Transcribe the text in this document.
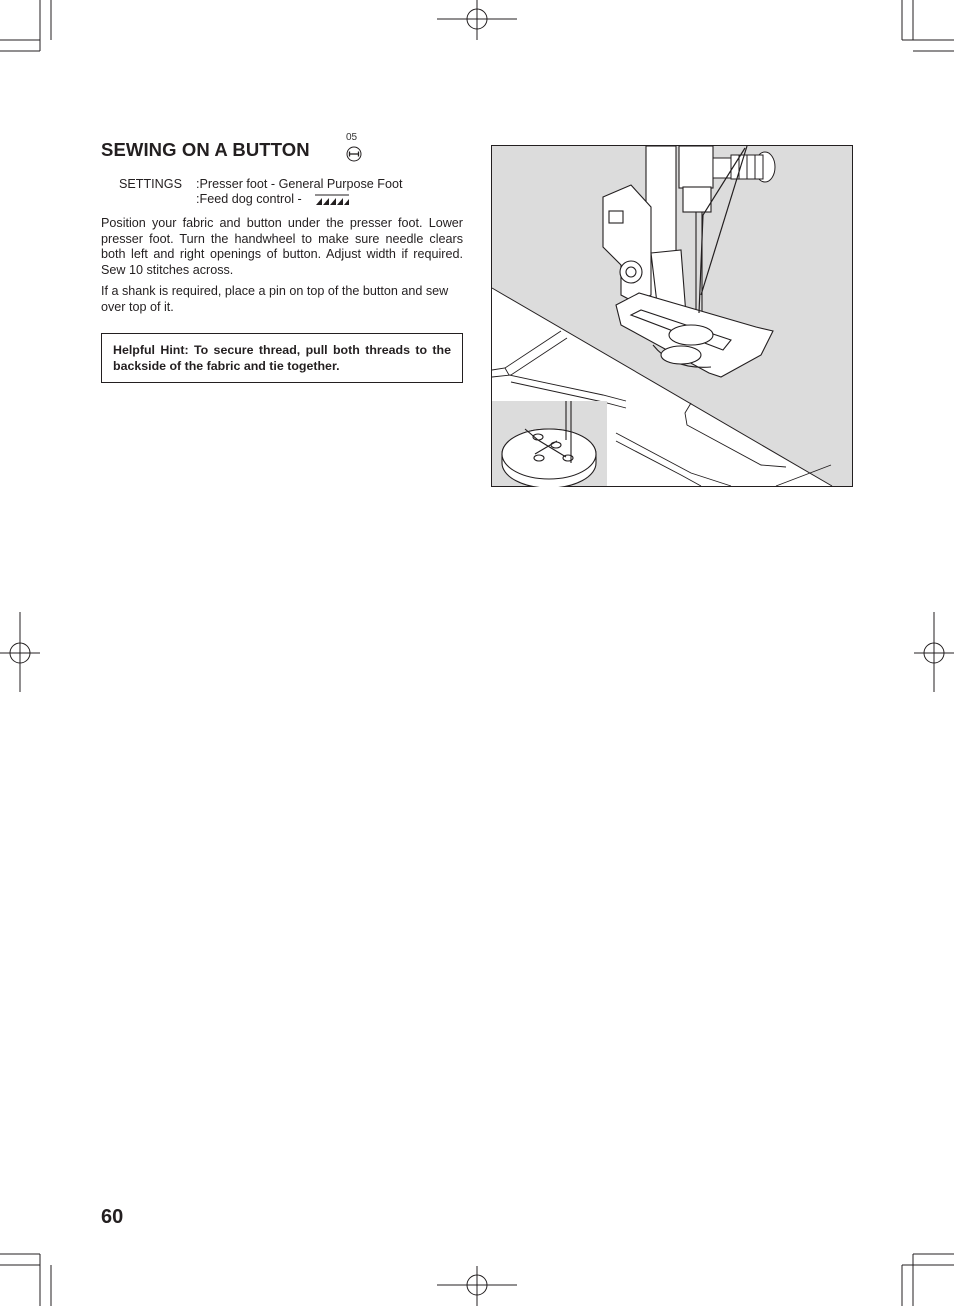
SEWING ON A BUTTON
05
SETTINGS :Presser foot - General Purpose Foot
:Feed dog control -

Position your fabric and button under the presser foot. Lower presser foot. Turn the handwheel to make sure needle clears both left and right openings of button. Adjust width if required. Sew 10 stitches across.

If a shank is required, place a pin on top of the button and sew over top of it.

Helpful Hint: To secure thread, pull both threads to the backside of the fabric and tie together.
60
